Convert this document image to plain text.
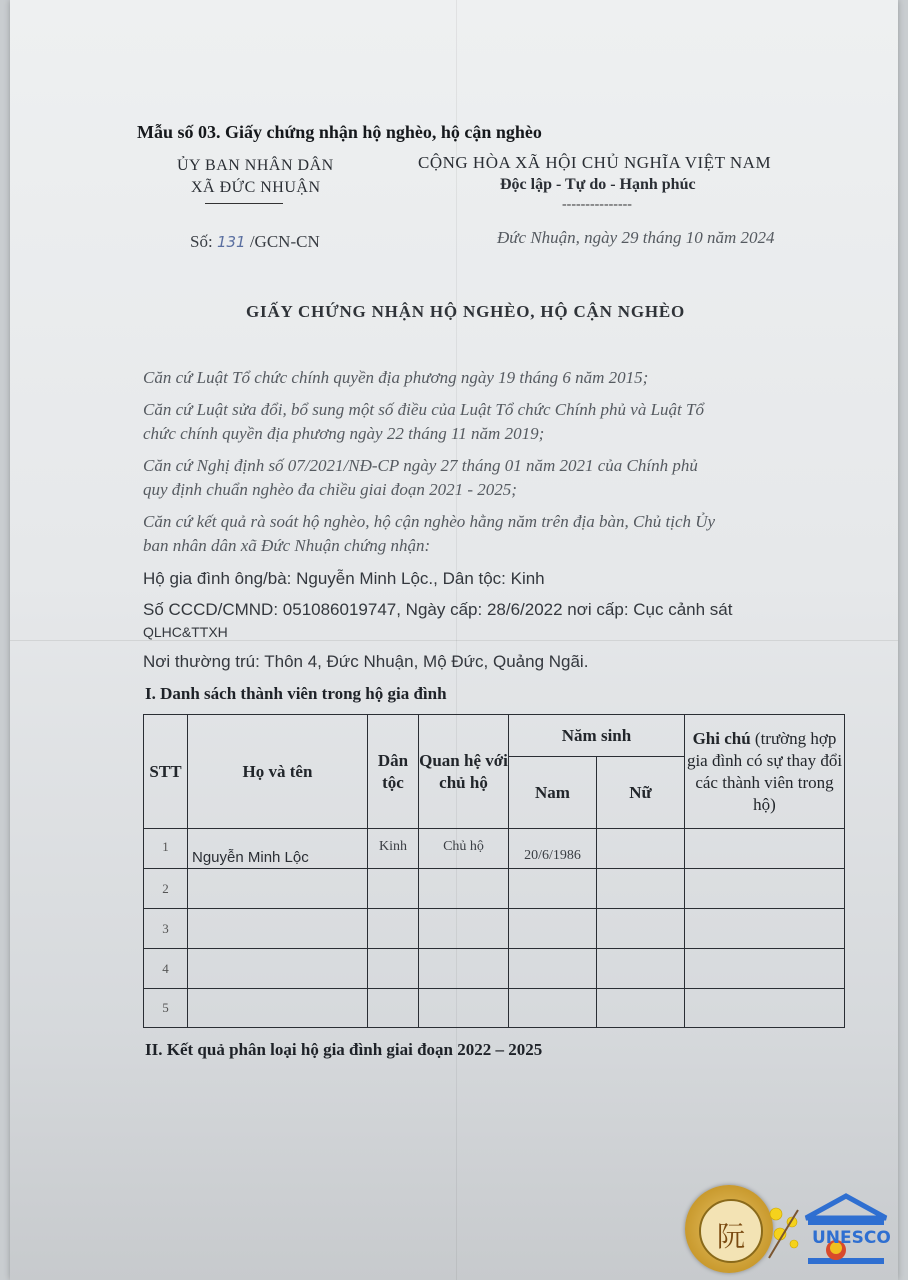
Mẫu số 03. Giấy chứng nhận hộ nghèo, hộ cận nghèo
ỦY BAN NHÂN DÂN
XÃ ĐỨC NHUẬN
CỘNG HÒA XÃ HỘI CHỦ NGHĨA VIỆT NAM
Độc lập - Tự do - Hạnh phúc
---------------
Số: 131 /GCN-CN	Đức Nhuận, ngày 29 tháng 10 năm 2024
GIẤY CHỨNG NHẬN HỘ NGHÈO, HỘ CẬN NGHÈO
Căn cứ Luật Tổ chức chính quyền địa phương ngày 19 tháng 6 năm 2015;
Căn cứ Luật sửa đổi, bổ sung một số điều của Luật Tổ chức Chính phủ và Luật Tổ
chức chính quyền địa phương ngày 22 tháng 11 năm 2019;
Căn cứ Nghị định số 07/2021/NĐ-CP ngày 27 tháng 01 năm 2021 của Chính phủ
quy định chuẩn nghèo đa chiều giai đoạn 2021 - 2025;
Căn cứ kết quả rà soát hộ nghèo, hộ cận nghèo hằng năm trên địa bàn, Chủ tịch Ủy
ban nhân dân xã Đức Nhuận chứng nhận:
Hộ gia đình ông/bà: Nguyễn Minh Lộc., Dân tộc: Kinh
Số CCCD/CMND: 051086019747, Ngày cấp: 28/6/2022 nơi cấp: Cục cảnh sát
QLHC&TTXH
Nơi thường trú: Thôn 4, Đức Nhuận, Mộ Đức, Quảng Ngãi.
I. Danh sách thành viên trong hộ gia đình
STT	Họ và tên	Dân tộc	Quan hệ với chủ hộ	Năm sinh		Ghi chú (trường hợp gia đình có sự thay đổi các thành viên trong hộ)
				Nam	Nữ	
1	Nguyễn Minh Lộc	Kinh	Chủ hộ	20/6/1986		
2						
3						
4						
5						
II. Kết quả phân loại hộ gia đình giai đoạn 2022 – 2025
阮	UNESCO
